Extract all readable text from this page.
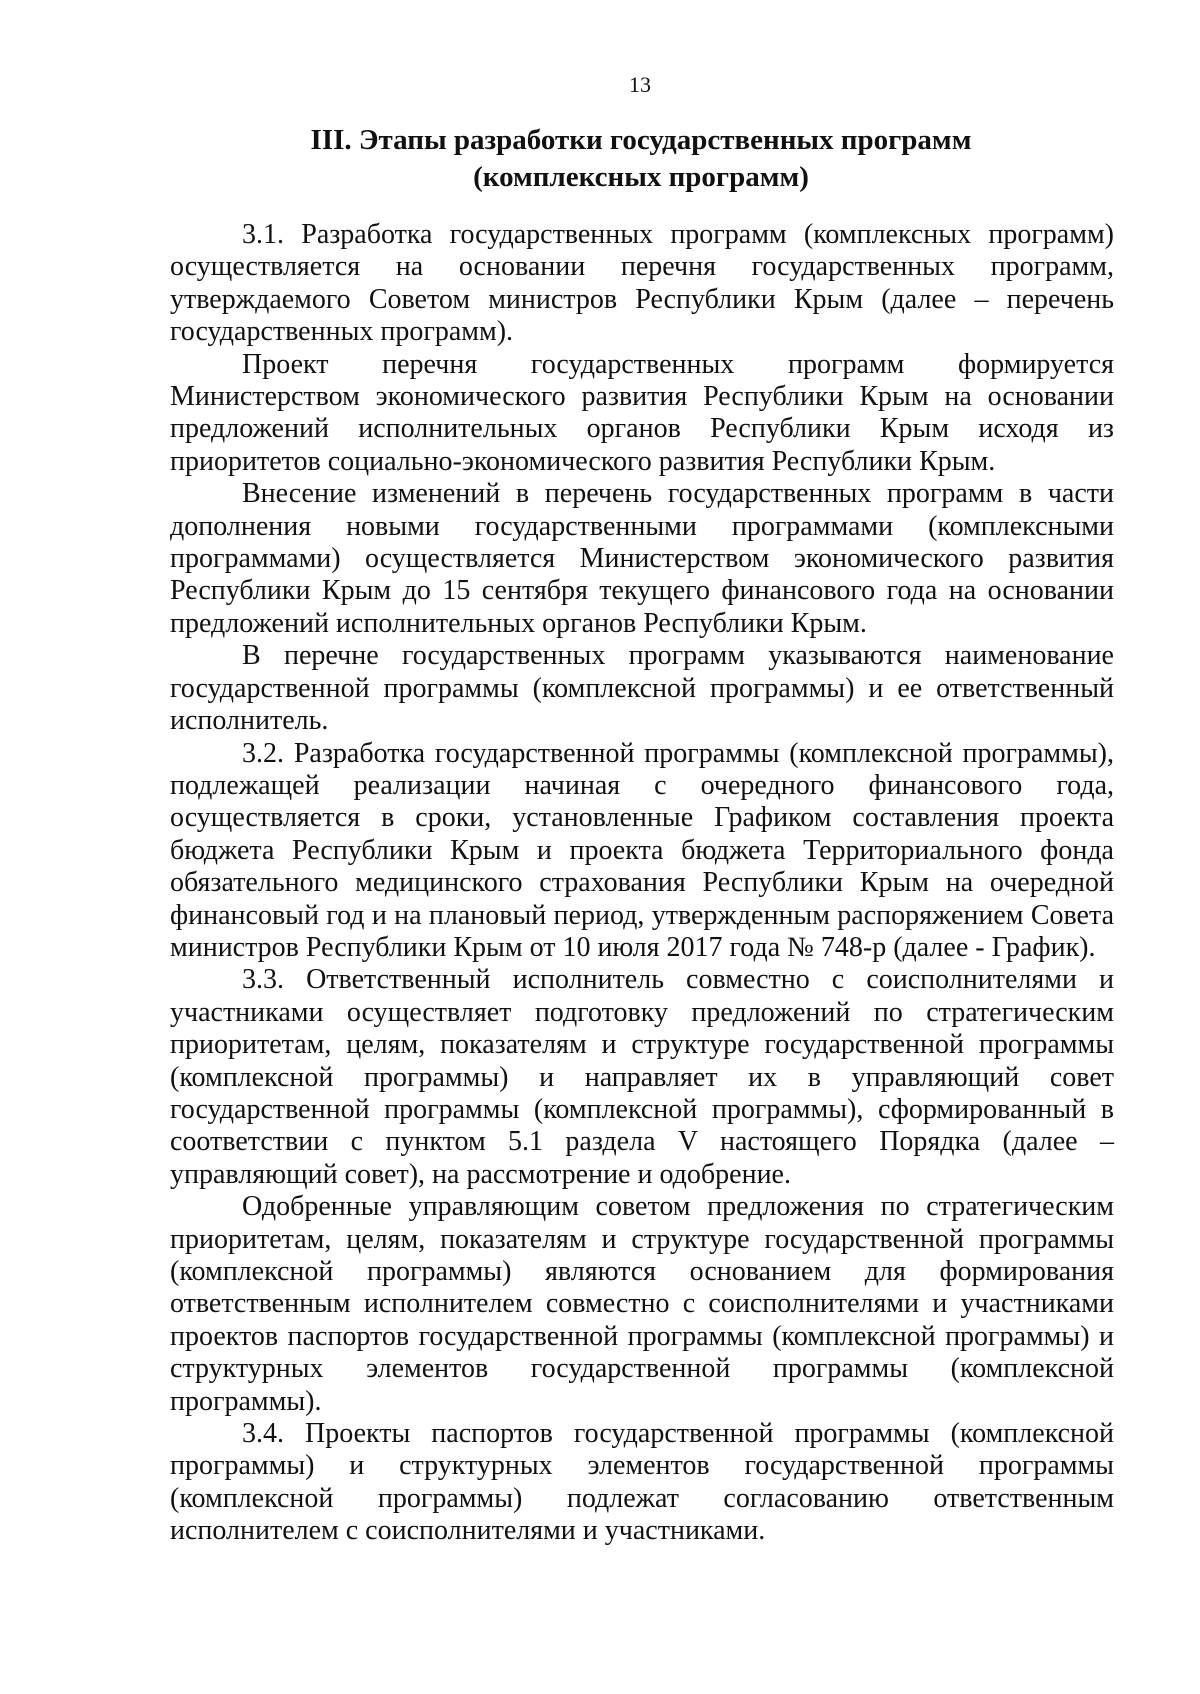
13
III. Этапы разработки государственных программ
(комплексных программ)

3.1. Разработка государственных программ (комплексных программ) осуществляется на основании перечня государственных программ, утверждаемого Советом министров Республики Крым (далее – перечень государственных программ).

Проект перечня государственных программ формируется Министерством экономического развития Республики Крым на основании предложений исполнительных органов Республики Крым исходя из приоритетов социально-экономического развития Республики Крым.

Внесение изменений в перечень государственных программ в части дополнения новыми государственными программами (комплексными программами) осуществляется Министерством экономического развития Республики Крым до 15 сентября текущего финансового года на основании предложений исполнительных органов Республики Крым.

В перечне государственных программ указываются наименование государственной программы (комплексной программы) и ее ответственный исполнитель.

3.2. Разработка государственной программы (комплексной программы), подлежащей реализации начиная с очередного финансового года, осуществляется в сроки, установленные Графиком составления проекта бюджета Республики Крым и проекта бюджета Территориального фонда обязательного медицинского страхования Республики Крым на очередной финансовый год и на плановый период, утвержденным распоряжением Совета министров Республики Крым от 10 июля 2017 года № 748-р (далее - График).

3.3. Ответственный исполнитель совместно с соисполнителями и участниками осуществляет подготовку предложений по стратегическим приоритетам, целям, показателям и структуре государственной программы (комплексной программы) и направляет их в управляющий совет государственной программы (комплексной программы), сформированный в соответствии с пунктом 5.1 раздела V настоящего Порядка (далее – управляющий совет), на рассмотрение и одобрение.

Одобренные управляющим советом предложения по стратегическим приоритетам, целям, показателям и структуре государственной программы (комплексной программы) являются основанием для формирования ответственным исполнителем совместно с соисполнителями и участниками проектов паспортов государственной программы (комплексной программы) и структурных элементов государственной программы (комплексной программы).

3.4. Проекты паспортов государственной программы (комплексной программы) и структурных элементов государственной программы (комплексной программы) подлежат согласованию ответственным исполнителем с соисполнителями и участниками.
